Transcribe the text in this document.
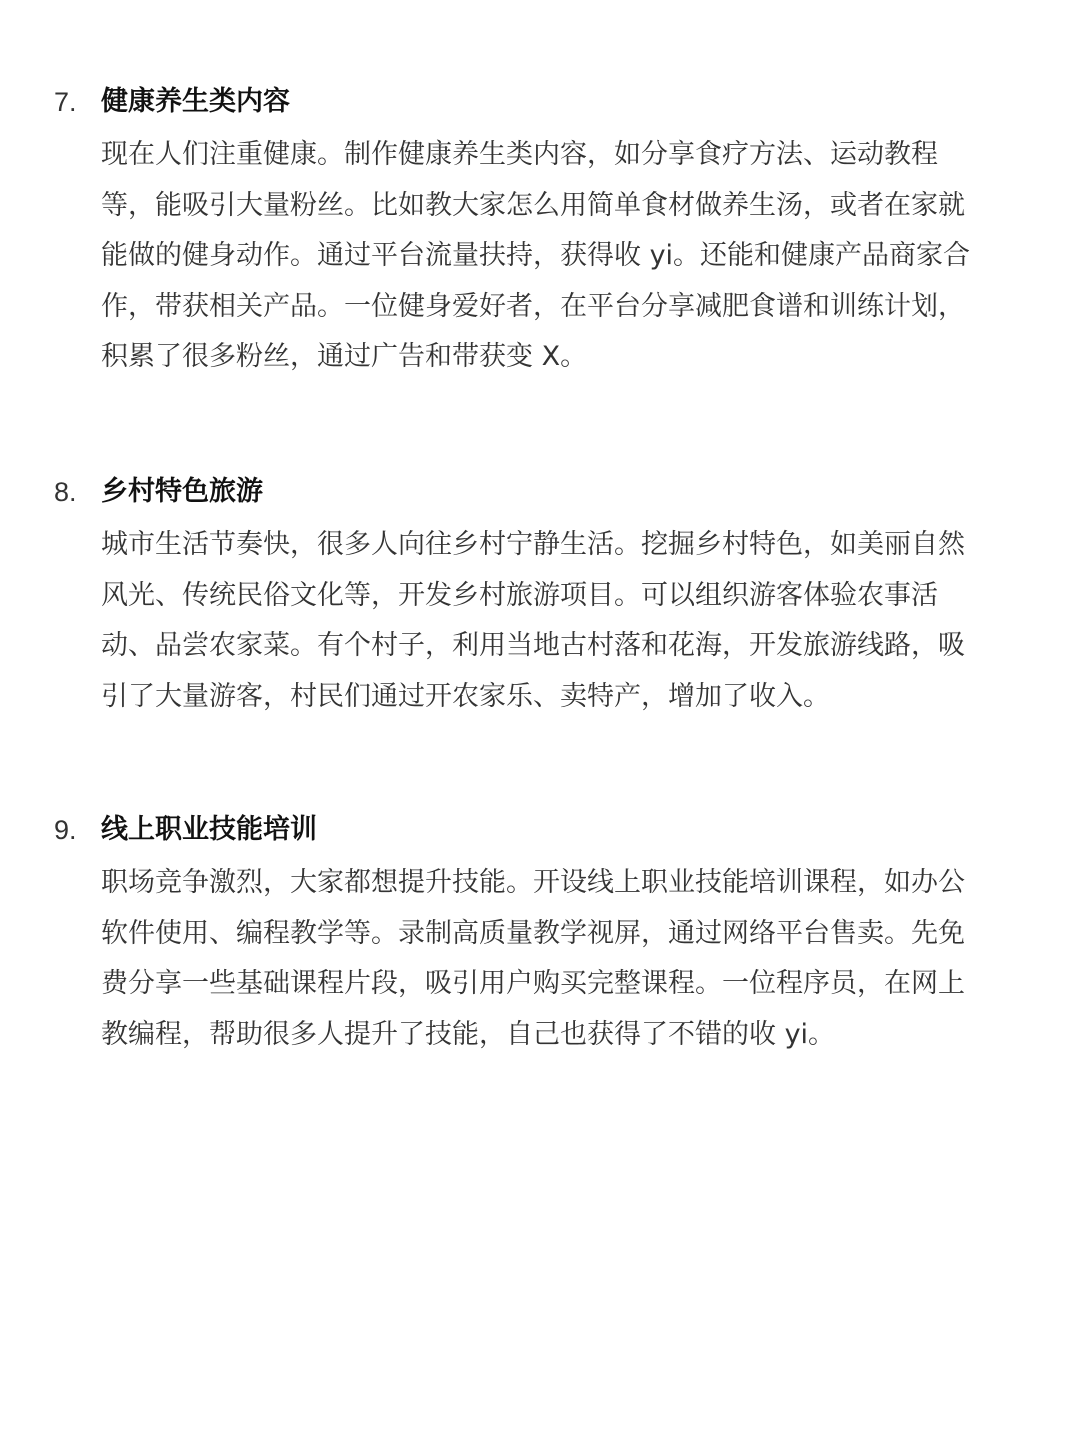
7. 健康养生类内容
现在人们注重健康。制作健康养生类内容，如分享食疗方法、运动教程
等，能吸引大量粉丝。比如教大家怎么用简单食材做养生汤，或者在家就
能做的健身动作。通过平台流量扶持，获得收 yi。还能和健康产品商家合
作，带获相关产品。一位健身爱好者，在平台分享减肥食谱和训练计划，
积累了很多粉丝，通过广告和带获变 X。
8. 乡村特色旅游
城市生活节奏快，很多人向往乡村宁静生活。挖掘乡村特色，如美丽自然
风光、传统民俗文化等，开发乡村旅游项目。可以组织游客体验农事活
动、品尝农家菜。有个村子，利用当地古村落和花海，开发旅游线路，吸
引了大量游客，村民们通过开农家乐、卖特产，增加了收入。
9. 线上职业技能培训
职场竞争激烈，大家都想提升技能。开设线上职业技能培训课程，如办公
软件使用、编程教学等。录制高质量教学视屏，通过网络平台售卖。先免
费分享一些基础课程片段，吸引用户购买完整课程。一位程序员，在网上
教编程，帮助很多人提升了技能，自己也获得了不错的收 yi。
